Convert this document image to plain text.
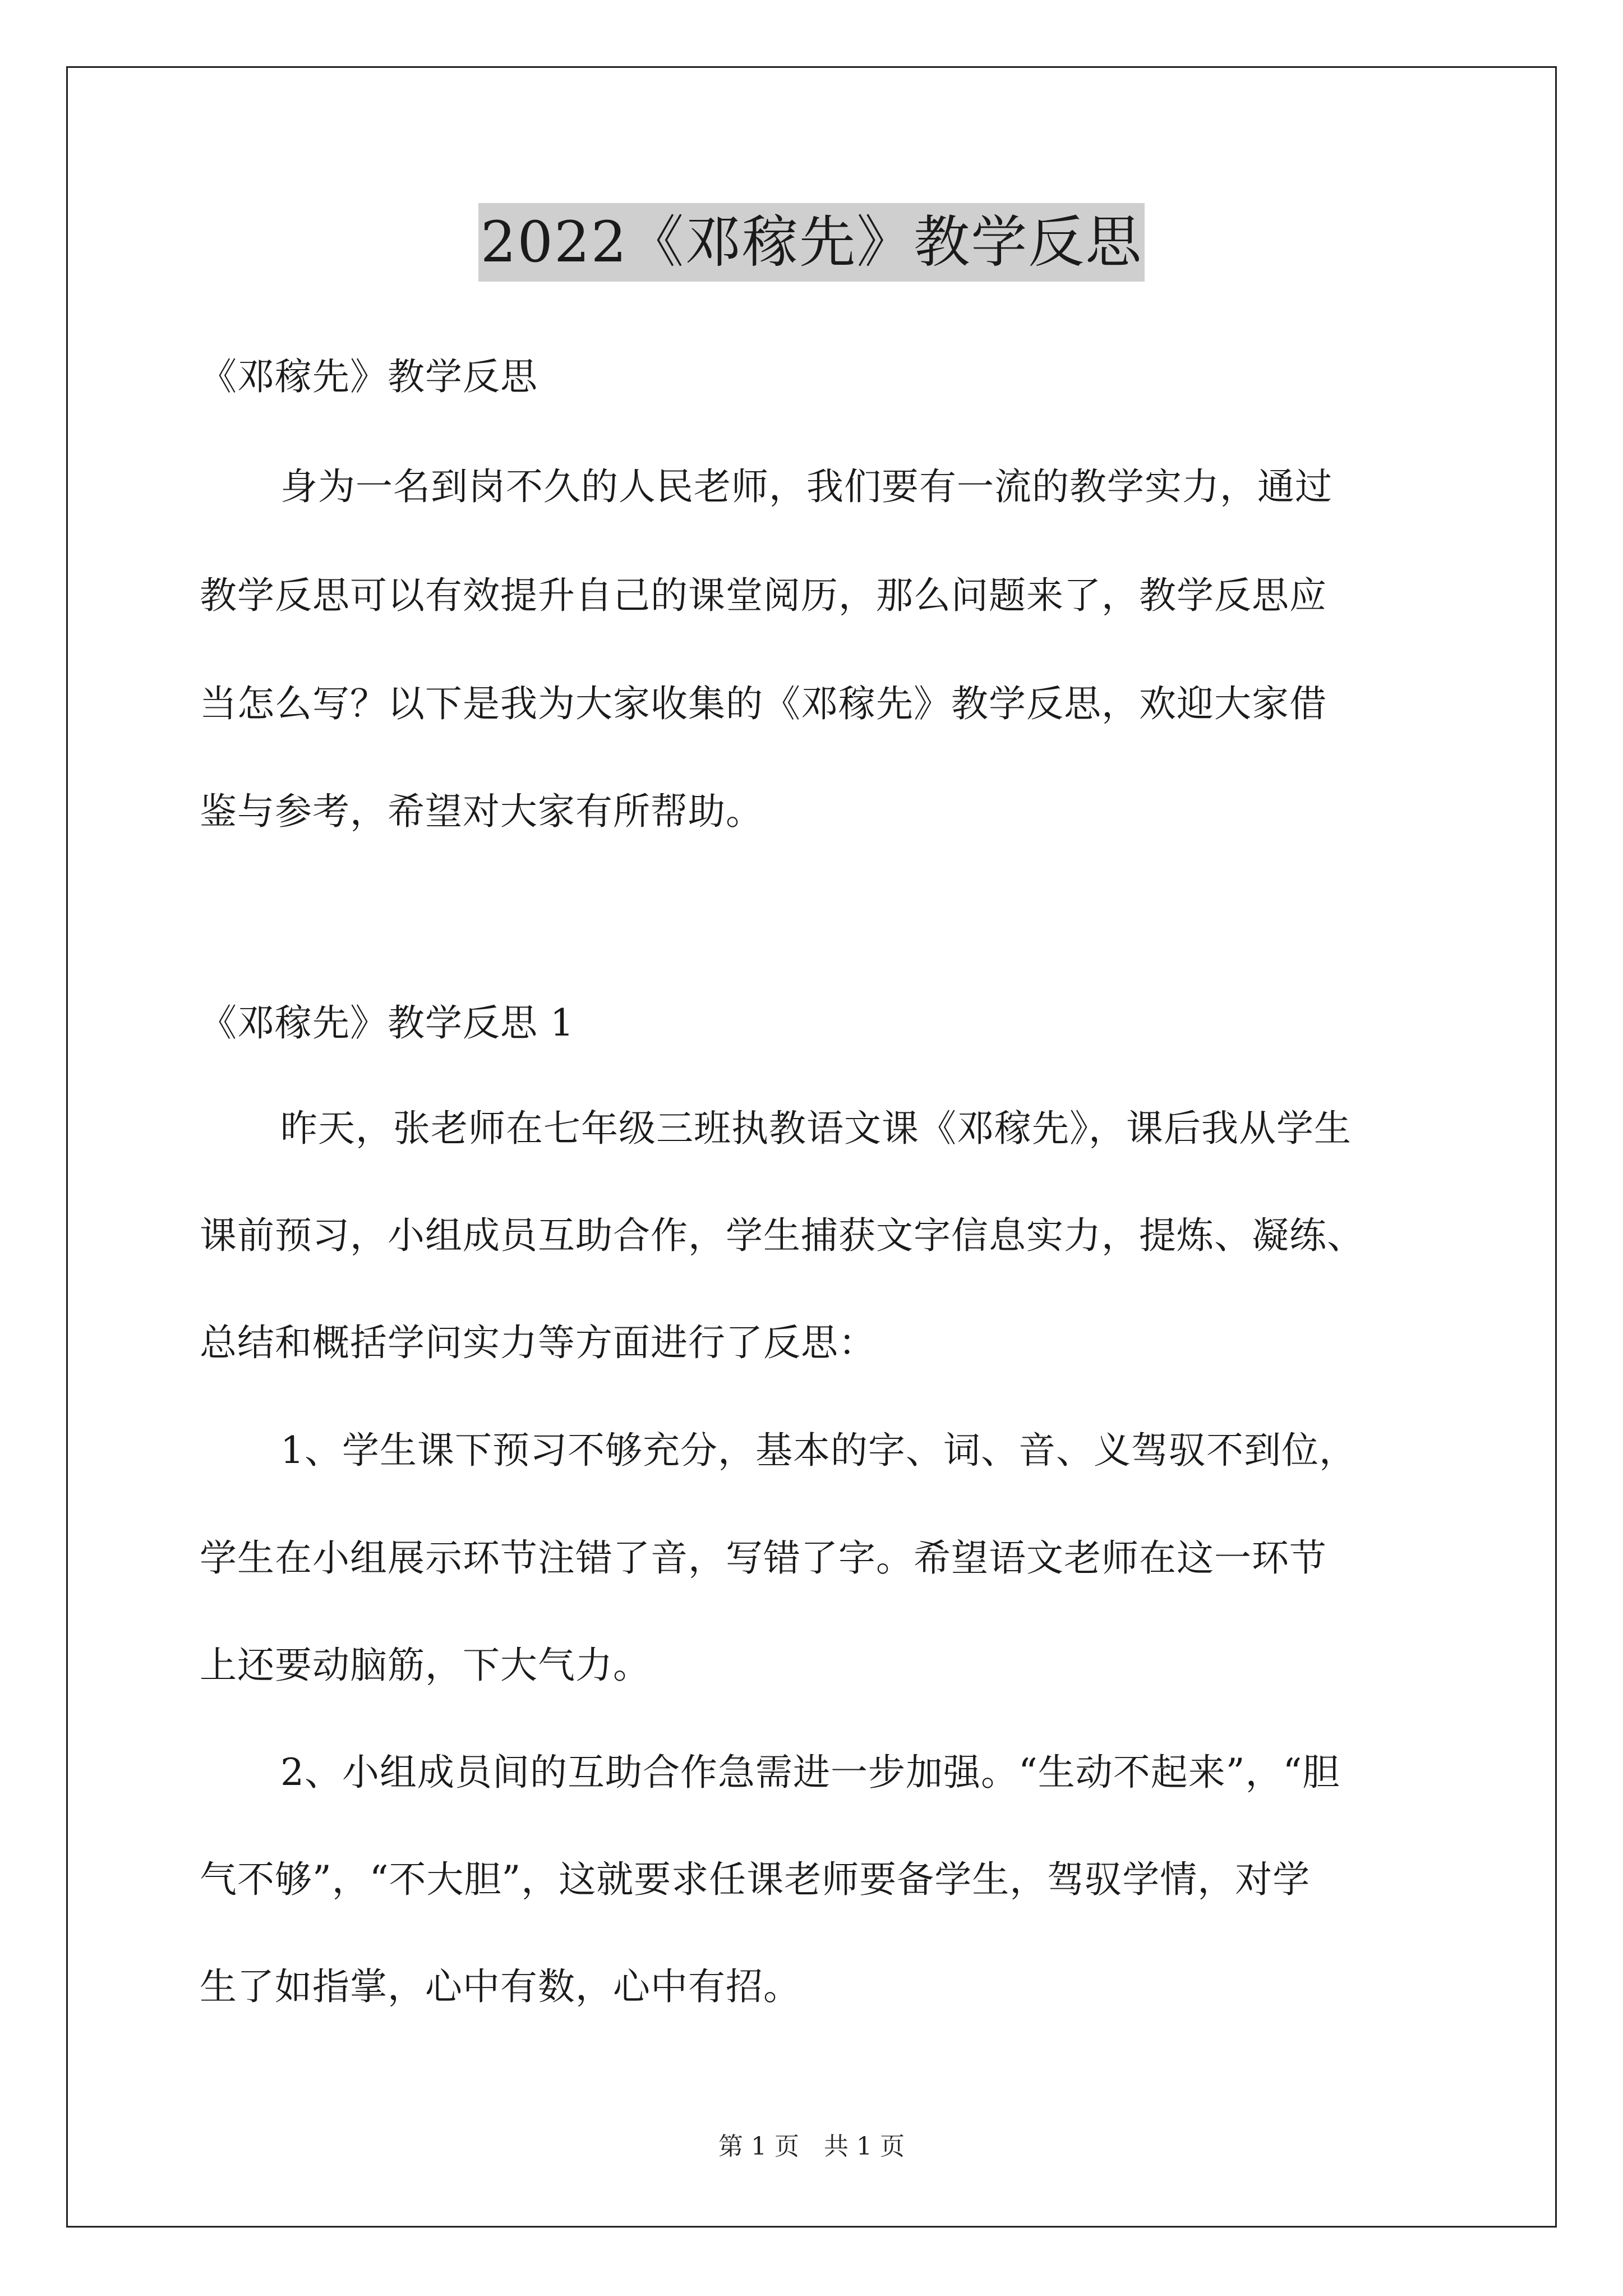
2022《邓稼先》教学反思
《邓稼先》教学反思
身为一名到岗不久的人民老师，我们要有一流的教学实力，通过
教学反思可以有效提升自己的课堂阅历，那么问题来了，教学反思应
当怎么写？以下是我为大家收集的《邓稼先》教学反思，欢迎大家借
鉴与参考，希望对大家有所帮助。
《邓稼先》教学反思 1
昨天，张老师在七年级三班执教语文课《邓稼先》，课后我从学生
课前预习，小组成员互助合作，学生捕获文字信息实力，提炼、凝练、
总结和概括学问实力等方面进行了反思：
1、学生课下预习不够充分，基本的字、词、音、义驾驭不到位，
学生在小组展示环节注错了音，写错了字。希望语文老师在这一环节
上还要动脑筋，下大气力。
2、小组成员间的互助合作急需进一步加强。“生动不起来”，“胆
气不够”，“不大胆”，这就要求任课老师要备学生，驾驭学情，对学
生了如指掌，心中有数，心中有招。
第 1 页　共 1 页
